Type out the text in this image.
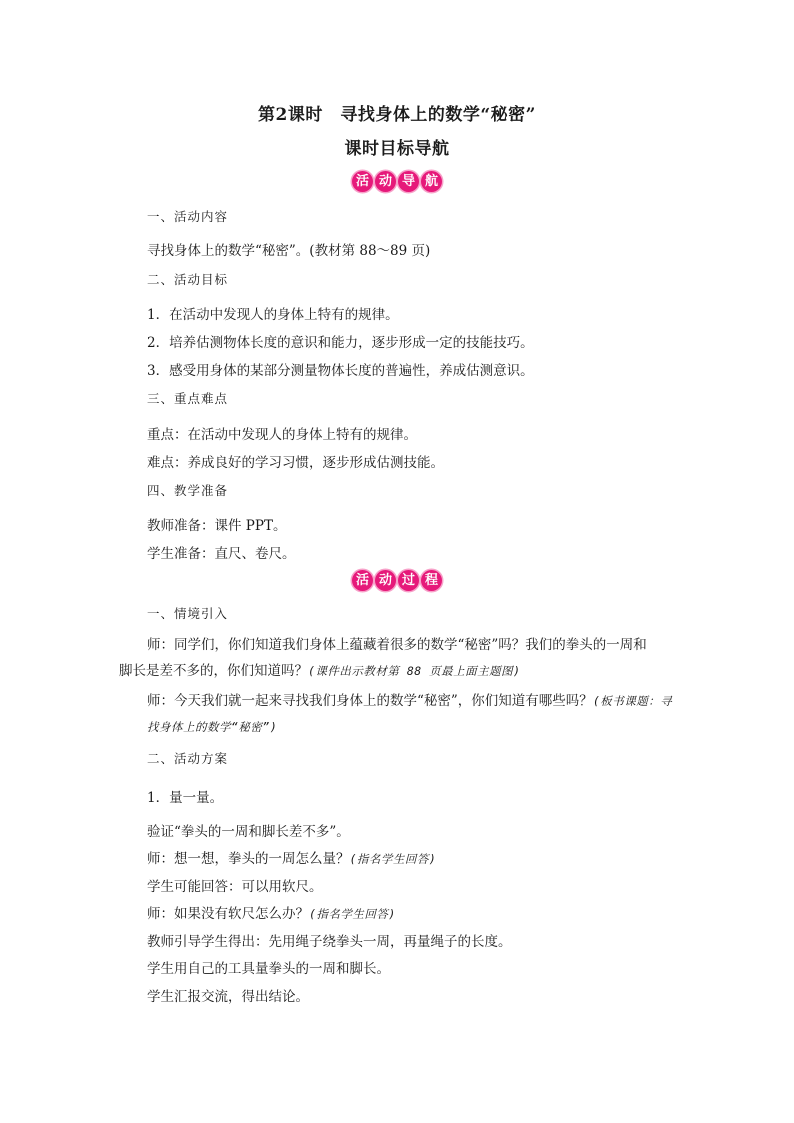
第2课时　寻找身体上的数学“秘密”
课时目标导航
活 动 导 航
一、活动内容
寻找身体上的数学“秘密”。(教材第 88～89 页)
二、活动目标
1．在活动中发现人的身体上特有的规律。
2．培养估测物体长度的意识和能力，逐步形成一定的技能技巧。
3．感受用身体的某部分测量物体长度的普遍性，养成估测意识。
三、重点难点
重点：在活动中发现人的身体上特有的规律。
难点：养成良好的学习习惯，逐步形成估测技能。
四、教学准备
教师准备：课件 PPT。
学生准备：直尺、卷尺。
活 动 过 程
一、情境引入
师：同学们，你们知道我们身体上蕴藏着很多的数学“秘密”吗？我们的拳头的一周和
脚长是差不多的，你们知道吗？(课件出示教材第 88 页最上面主题图)
师：今天我们就一起来寻找我们身体上的数学“秘密”，你们知道有哪些吗？(板书课题：寻找身体上的数学“秘密”)
二、活动方案
1．量一量。
验证“拳头的一周和脚长差不多”。
师：想一想，拳头的一周怎么量？(指名学生回答)
学生可能回答：可以用软尺。
师：如果没有软尺怎么办？(指名学生回答)
教师引导学生得出：先用绳子绕拳头一周，再量绳子的长度。
学生用自己的工具量拳头的一周和脚长。
学生汇报交流，得出结论。
